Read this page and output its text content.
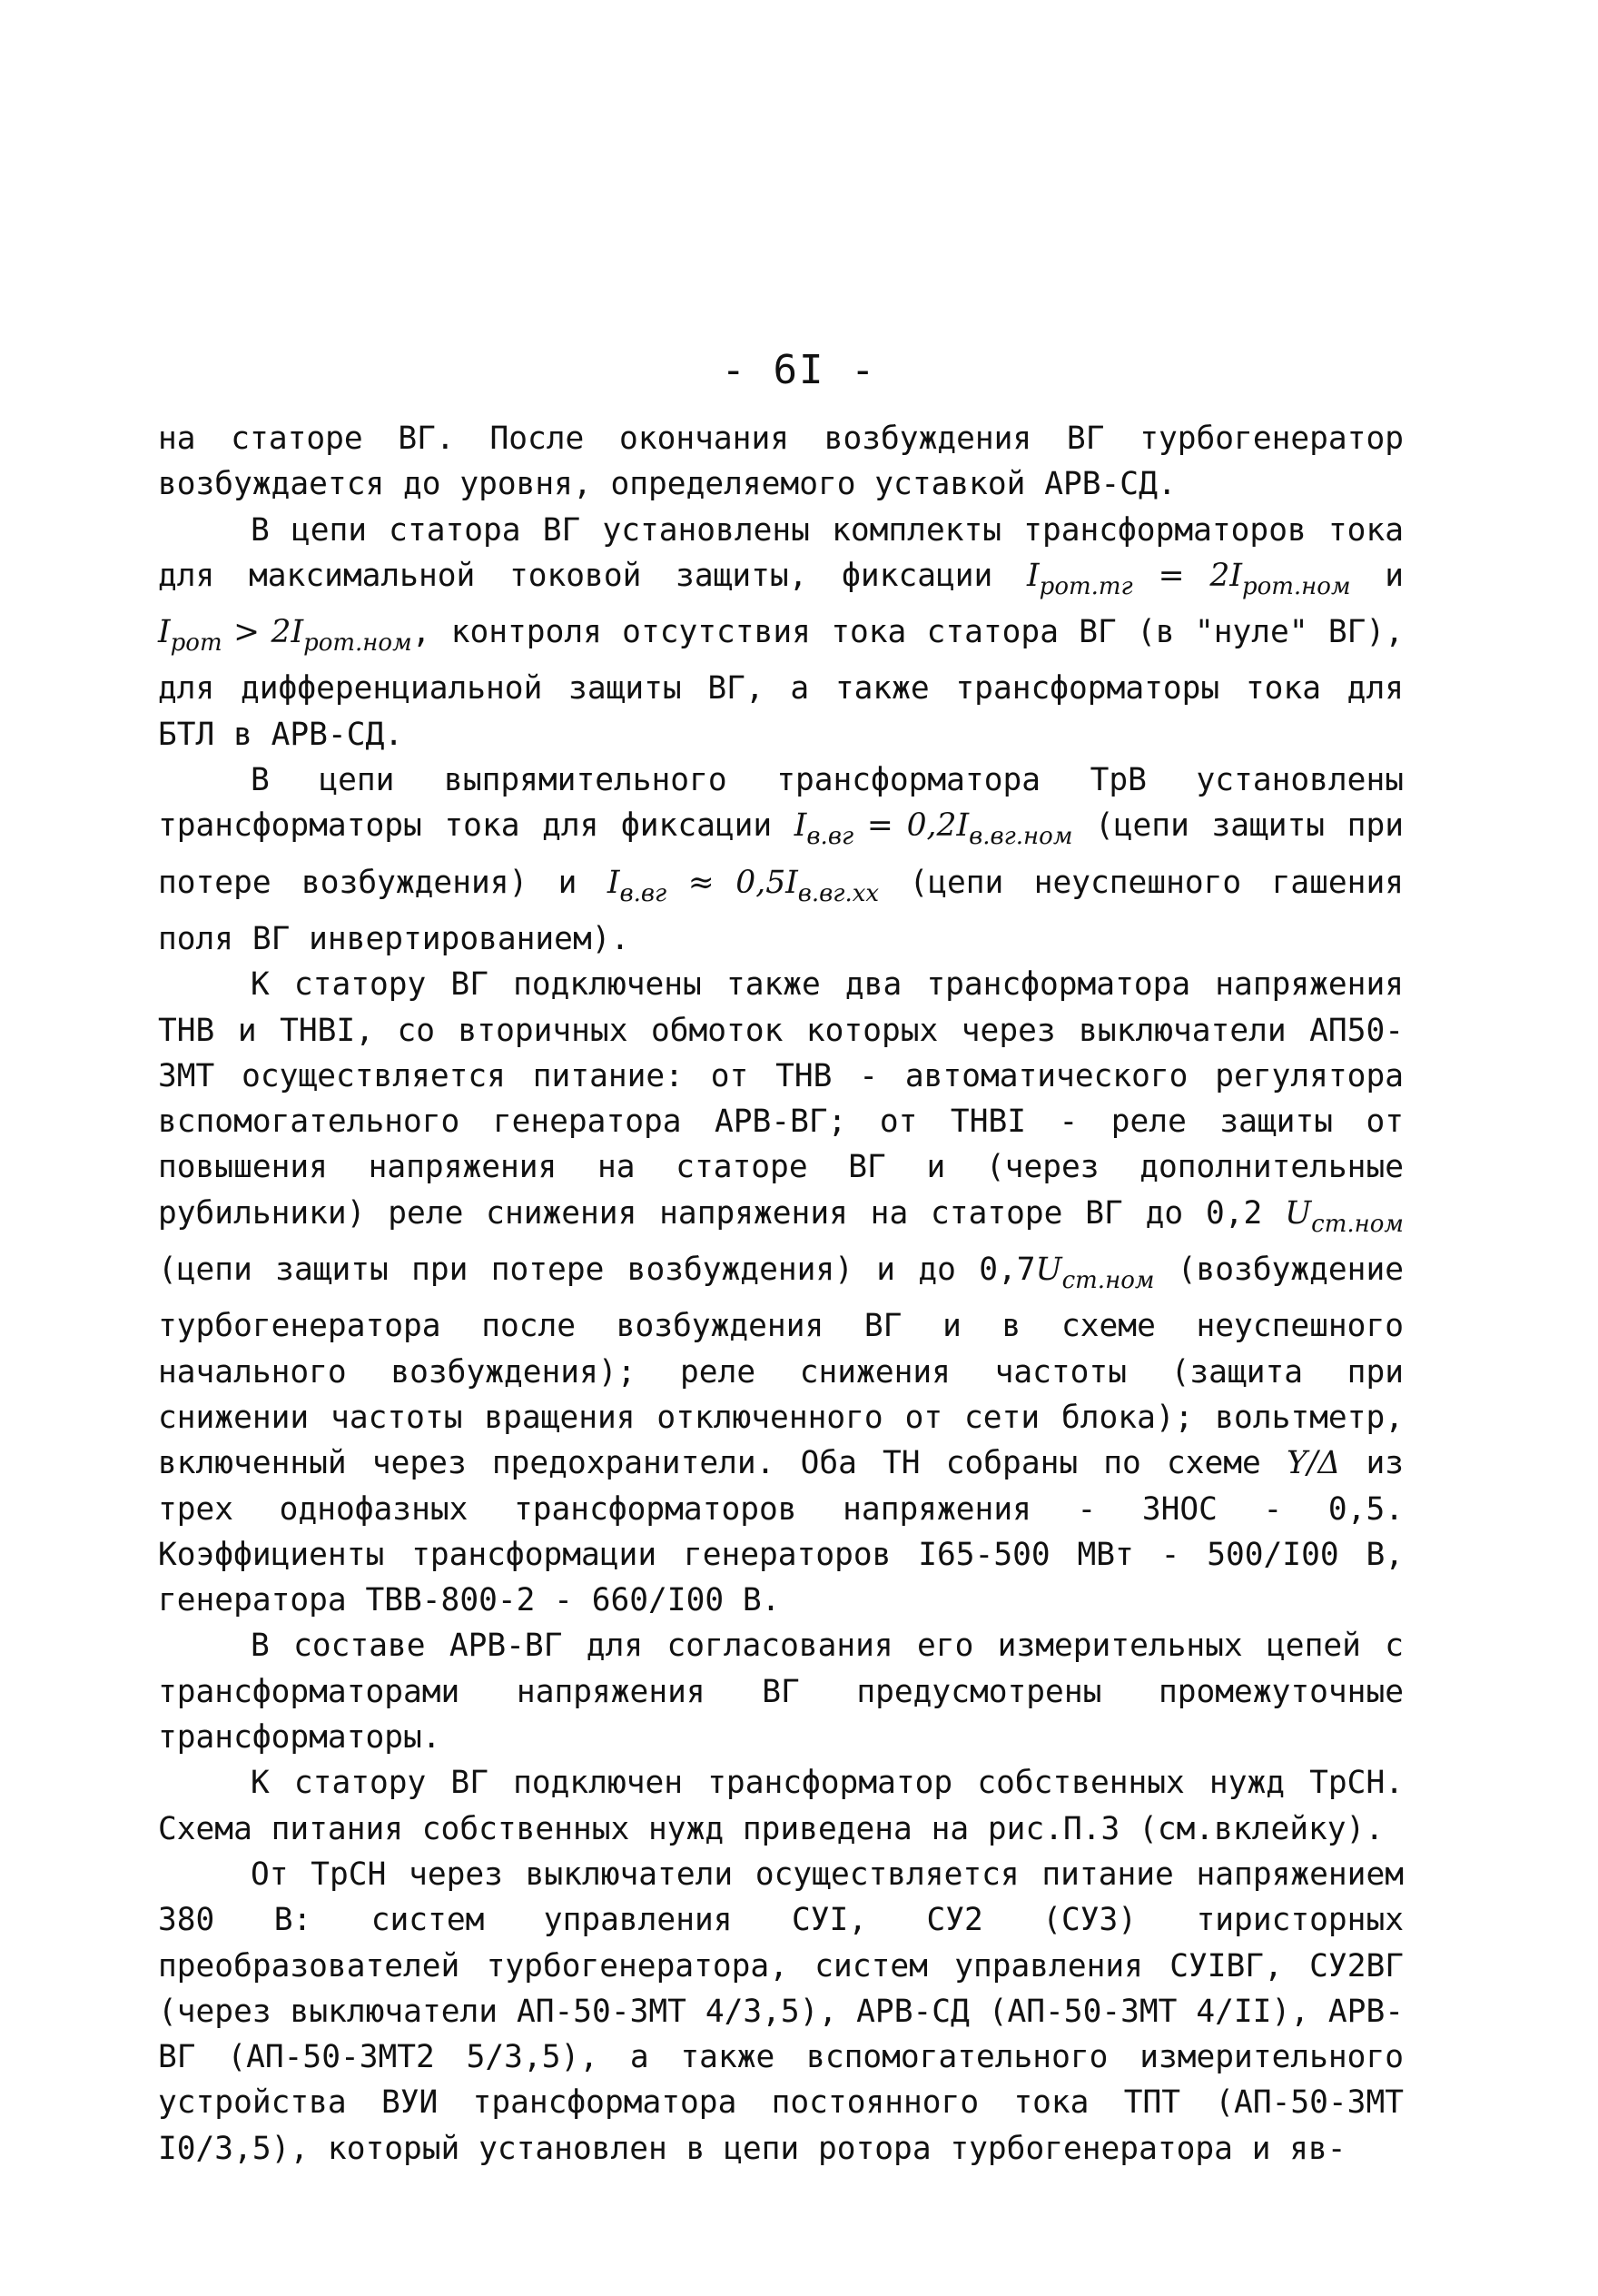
- 6I -

на статоре ВГ. После окончания возбуждения ВГ турбогенератор возбуждается до уровня, определяемого уставкой АРВ-СД.

В цепи статора ВГ установлены комплекты трансформаторов тока для максимальной токовой защиты, фиксации $I_{рот.тг} = 2I_{рот.ном}$ и $I_{рот} > 2I_{рот.ном}$, контроля отсутствия тока статора ВГ (в "нуле" ВГ), для дифференциальной защиты ВГ, а также трансформаторы тока для БТЛ в АРВ-СД.

В цепи выпрямительного трансформатора ТрВ установлены трансформаторы тока для фиксации $I_{в.вг} = 0,2I_{в.вг.ном}$ (цепи защиты при потере возбуждения) и $I_{в.вг} \approx 0,5I_{в.вг.хх}$ (цепи неуспешного гашения поля ВГ инвертированием).

К статору ВГ подключены также два трансформатора напряжения ТНВ и ТНВI, со вторичных обмоток которых через выключатели АП50-3МТ осуществляется питание: от ТНВ - автоматического регулятора вспомогательного генератора АРВ-ВГ; от ТНВI - реле защиты от повышения напряжения на статоре ВГ и (через дополнительные рубильники) реле снижения напряжения на статоре ВГ до 0,2 $U_{ст.ном}$ (цепи защиты при потере возбуждения) и до $0,7U_{ст.ном}$ (возбуждение турбогенератора после возбуждения ВГ и в схеме неуспешного начального возбуждения); реле снижения частоты (защита при снижении частоты вращения отключенного от сети блока); вольтметр, включенный через предохранители. Оба ТН собраны по схеме Y/Δ из трех однофазных трансформаторов напряжения - ЗНОС - 0,5. Коэффициенты трансформации генераторов I65-500 МВт - 500/I00 В, генератора ТВВ-800-2 - 660/I00 В.

В составе АРВ-ВГ для согласования его измерительных цепей с трансформаторами напряжения ВГ предусмотрены промежуточные трансформаторы.

К статору ВГ подключен трансформатор собственных нужд ТрСН. Схема питания собственных нужд приведена на рис.П.3 (см.вклейку).

От ТрСН через выключатели осуществляется питание напряжением 380 В: систем управления СУI, СУ2 (СУ3) тиристорных преобразователей турбогенератора, систем управления СУIВГ, СУ2ВГ (через выключатели АП-50-3МТ 4/3,5), АРВ-СД (АП-50-3МТ 4/II), АРВ-ВГ (АП-50-3МТ2 5/3,5), а также вспомогательного измерительного устройства ВУИ трансформатора постоянного тока ТПТ (АП-50-3МТ I0/3,5), который установлен в цепи ротора турбогенератора и яв-
